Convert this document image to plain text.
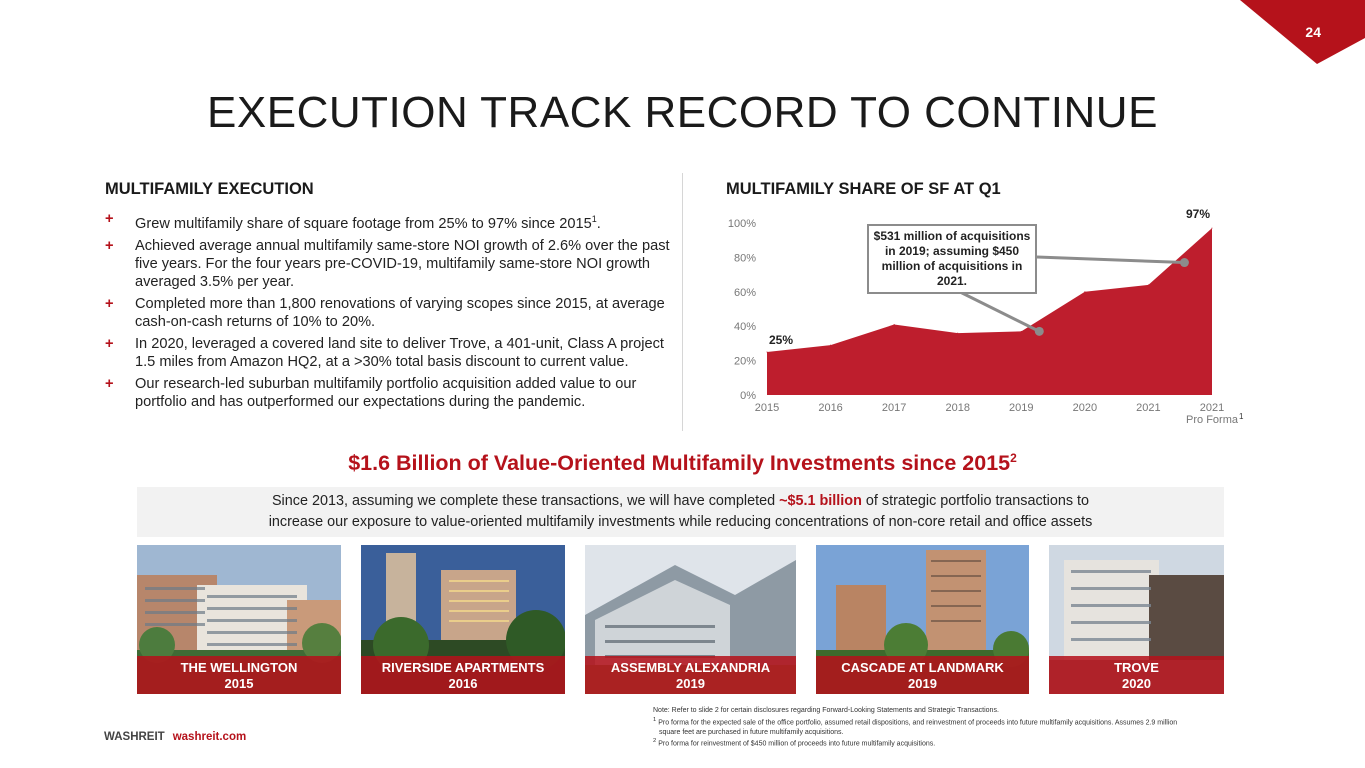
24
EXECUTION TRACK RECORD TO CONTINUE
MULTIFAMILY EXECUTION
+ Grew multifamily share of square footage from 25% to 97% since $2015^1$.
+ Achieved average annual multifamily same-store NOI growth of 2.6% over the past five years. For the four years pre-COVID-19, multifamily same-store NOI growth averaged 3.5% per year.
+ Completed more than 1,800 renovations of varying scopes since 2015, at average cash-on-cash returns of 10% to 20%.
+ In 2020, leveraged a covered land site to deliver Trove, a 401-unit, Class A project 1.5 miles from Amazon HQ2, at a >30% total basis discount to current value.
+ Our research-led suburban multifamily portfolio acquisition added value to our portfolio and has outperformed our expectations during the pandemic.
MULTIFAMILY SHARE OF SF AT Q1
0%
20%
40%
60%
80%
100%
2015	2016	2017	2018	2019	2020	2021	2021
Pro Forma 1
25%
97%
$531 million of acquisitions in 2019; assuming $450 million of acquisitions in 2021.
$1.6 Billion of Value-Oriented Multifamily Investments since 2015$^2$
Since 2013, assuming we complete these transactions, we will have completed ~$5.1 billion of strategic portfolio transactions to
increase our exposure to value-oriented multifamily investments while reducing concentrations of non-core retail and office assets
THE WELLINGTON
2015
RIVERSIDE APARTMENTS
2016
ASSEMBLY ALEXANDRIA
2019
CASCADE AT LANDMARK
2019
TROVE
2020
WASHREIT washreit.com

Note: Refer to slide 2 for certain disclosures regarding Forward-Looking Statements and Strategic Transactions.

$^1$ Pro forma for the expected sale of the office portfolio, assumed retail dispositions, and reinvestment of proceeds into future multifamily acquisitions. Assumes 2.9 million

square feet are purchased in future multifamily acquisitions.

$^2$ Pro forma for reinvestment of $450 million of proceeds into future multifamily acquisitions.
